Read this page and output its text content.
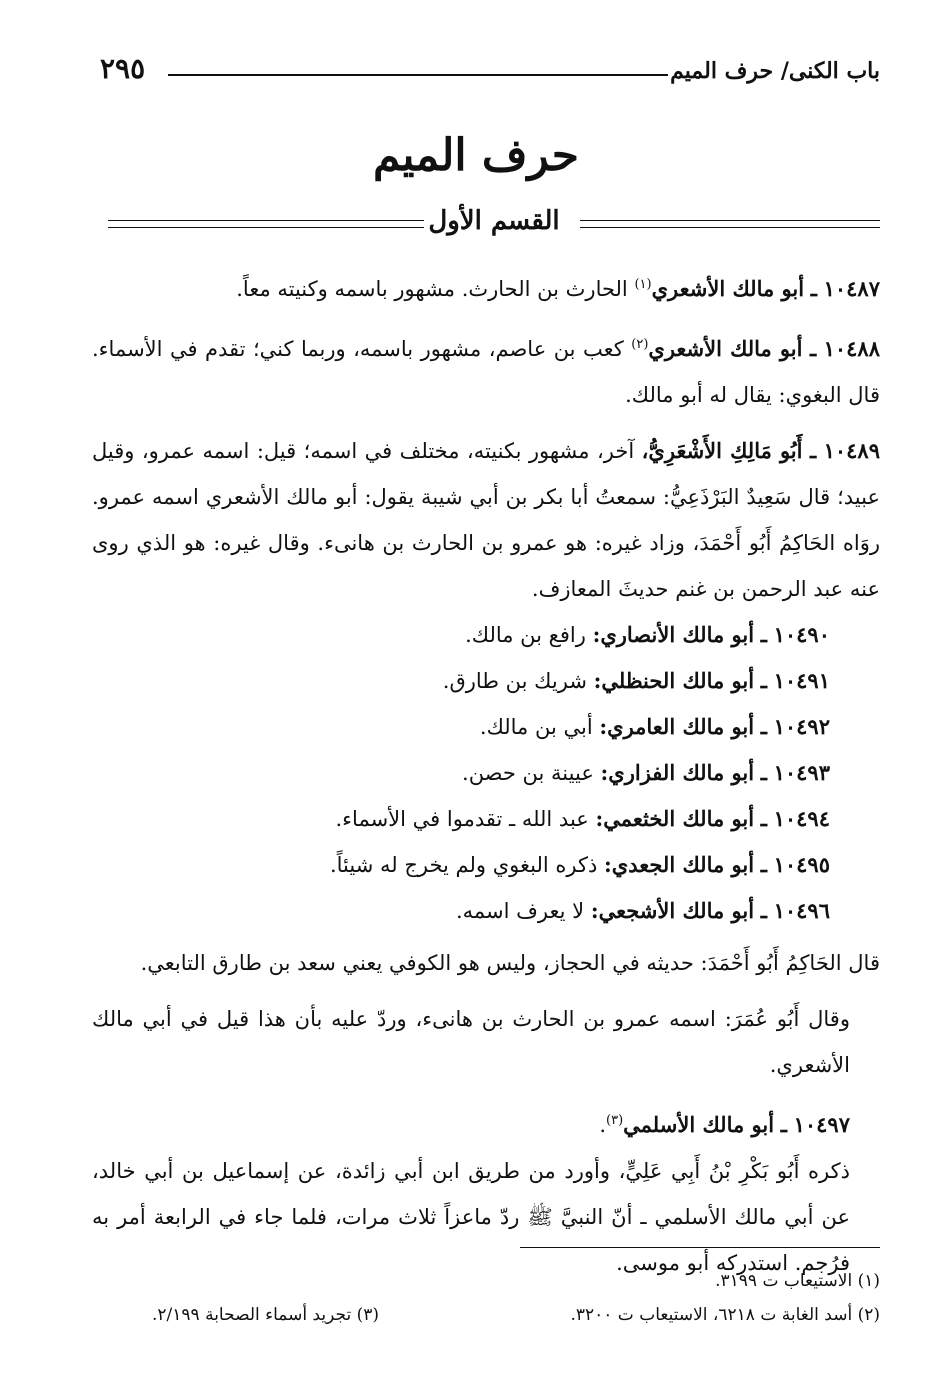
باب الكنى/ حرف الميم
٢٩٥
حرف الميم
القسم الأول

١٠٤٨٧ ـ أبو مالك الأشعري$^{(١)}$ الحارث بن الحارث. مشهور باسمه وكنيته معاً.

١٠٤٨٨ ـ أبو مالك الأشعري$^{(٢)}$ كعب بن عاصم، مشهور باسمه، وربما كني؛ تقدم في الأسماء. قال البغوي: يقال له أبو مالك.

١٠٤٨٩ ـ أَبُو مَالِكِ الأَشْعَرِيُّ، آخر، مشهور بكنيته، مختلف في اسمه؛ قيل: اسمه عمرو، وقيل عبيد؛ قال سَعِيدٌ البَرْذَعِيُّ: سمعتُ أبا بكر بن أبي شيبة يقول: أبو مالك الأشعري اسمه عمرو. روَاه الحَاكِمُ أَبُو أَحْمَدَ، وزاد غيره: هو عمرو بن الحارث بن هانىء. وقال غيره: هو الذي روى عنه عبد الرحمن بن غنم حديثَ المعازف.

١٠٤٩٠ ـ أبو مالك الأنصاري: رافع بن مالك.
١٠٤٩١ ـ أبو مالك الحنظلي: شريك بن طارق.
١٠٤٩٢ ـ أبو مالك العامري: أبي بن مالك.
١٠٤٩٣ ـ أبو مالك الفزاري: عيينة بن حصن.
١٠٤٩٤ ـ أبو مالك الخثعمي: عبد الله ـ تقدموا في الأسماء.
١٠٤٩٥ ـ أبو مالك الجعدي: ذكره البغوي ولم يخرج له شيئاً.
١٠٤٩٦ ـ أبو مالك الأشجعي: لا يعرف اسمه.

قال الحَاكِمُ أَبُو أَحْمَدَ: حديثه في الحجاز، وليس هو الكوفي يعني سعد بن طارق التابعي.

وقال أَبُو عُمَرَ: اسمه عمرو بن الحارث بن هانىء، وردّ عليه بأن هذا قيل في أبي مالك الأشعري.

١٠٤٩٧ ـ أبو مالك الأسلمي$^{(٣)}$.

ذكره أَبُو بَكْرِ بْنُ أَبِي عَلِيٍّ، وأورد من طريق ابن أبي زائدة، عن إسماعيل بن أبي خالد، عن أبي مالك الأسلمي ـ أنّ النبيَّ ﷺ ردّ ماعزاً ثلاث مرات، فلما جاء في الرابعة أمر به فرُجم. استدركه أبو موسى.

(١) الاستيعاب ت ٣١٩٩.
(٢) أسد الغابة ت ٦٢١٨، الاستيعاب ت ٣٢٠٠.
(٣) تجريد أسماء الصحابة ٢/١٩٩.
